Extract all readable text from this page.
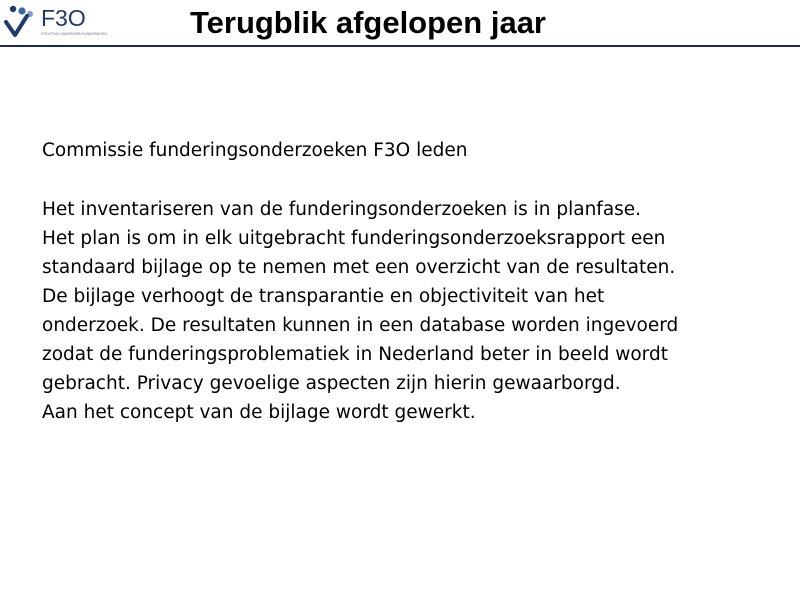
F3O
STICHTING ONDERZOEK FUNDERINGEN	Terugblik afgelopen jaar

Commissie funderingsonderzoeken F3O leden

Het inventariseren van de funderingsonderzoeken is in planfase.

Het plan is om in elk uitgebracht funderingsonderzoeksrapport een

standaard bijlage op te nemen met een overzicht van de resultaten.

De bijlage verhoogt de transparantie en objectiviteit van het

onderzoek. De resultaten kunnen in een database worden ingevoerd

zodat de funderingsproblematiek in Nederland beter in beeld wordt

gebracht. Privacy gevoelige aspecten zijn hierin gewaarborgd.

Aan het concept van de bijlage wordt gewerkt.
